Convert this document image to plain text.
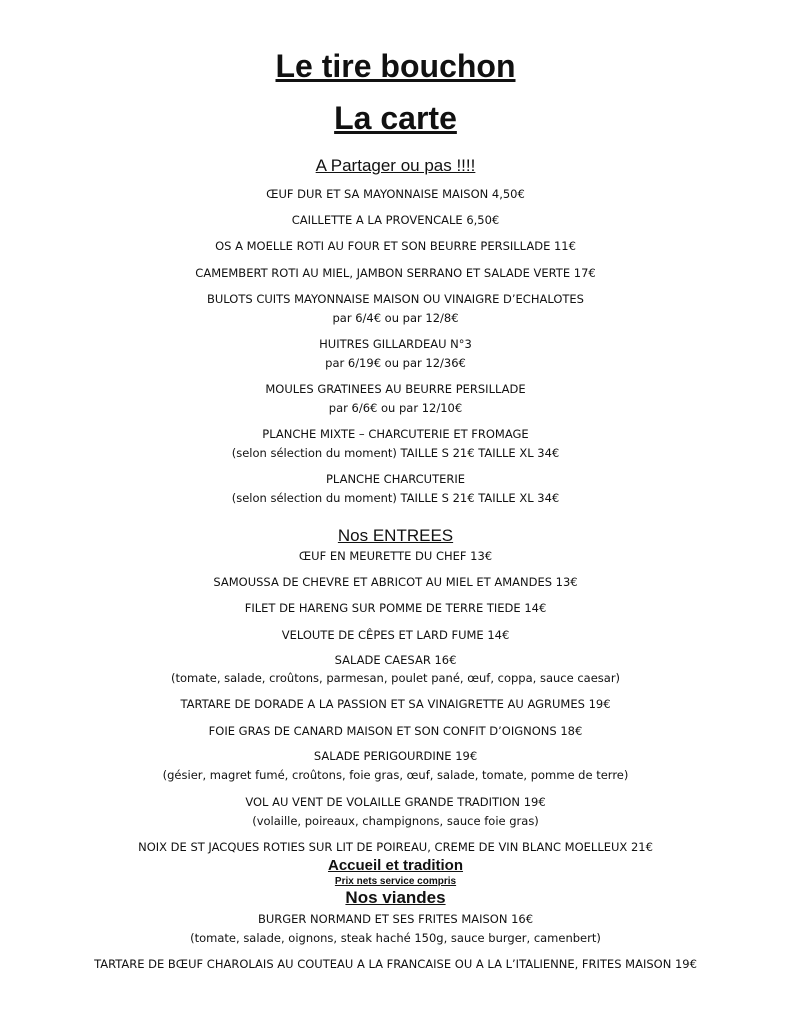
Le tire bouchon
La carte
A Partager ou pas !!!!
ŒUF DUR ET SA MAYONNAISE MAISON 4,50€
CAILLETTE A LA PROVENCALE 6,50€
OS A MOELLE ROTI AU FOUR ET SON BEURRE PERSILLADE 11€
CAMEMBERT ROTI AU MIEL, JAMBON SERRANO ET SALADE VERTE 17€
BULOTS CUITS MAYONNAISE MAISON OU VINAIGRE D’ECHALOTES
par 6/4€ ou par 12/8€
HUITRES GILLARDEAU N°3
par 6/19€ ou par 12/36€
MOULES GRATINEES AU BEURRE PERSILLADE
par 6/6€ ou par 12/10€
PLANCHE MIXTE – CHARCUTERIE ET FROMAGE
(selon sélection du moment) TAILLE S 21€ TAILLE XL 34€
PLANCHE CHARCUTERIE
(selon sélection du moment) TAILLE S 21€ TAILLE XL 34€
Nos ENTREES
ŒUF EN MEURETTE DU CHEF 13€
SAMOUSSA DE CHEVRE ET ABRICOT AU MIEL ET AMANDES 13€
FILET DE HARENG SUR POMME DE TERRE TIEDE 14€
VELOUTE DE CÊPES ET LARD FUME 14€
SALADE CAESAR 16€
(tomate, salade, croûtons, parmesan, poulet pané, œuf, coppa, sauce caesar)
TARTARE DE DORADE A LA PASSION ET SA VINAIGRETTE AU AGRUMES 19€
FOIE GRAS DE CANARD MAISON ET SON CONFIT D’OIGNONS 18€
SALADE PERIGOURDINE 19€
(gésier, magret fumé, croûtons, foie gras, œuf, salade, tomate, pomme de terre)
VOL AU VENT DE VOLAILLE GRANDE TRADITION 19€
(volaille, poireaux, champignons, sauce foie gras)
NOIX DE ST JACQUES ROTIES SUR LIT DE POIREAU, CREME DE VIN BLANC MOELLEUX 21€
Accueil et tradition
Prix nets service compris
Nos viandes
BURGER NORMAND ET SES FRITES MAISON 16€
(tomate, salade, oignons, steak haché 150g, sauce burger, camenbert)
TARTARE DE BŒUF CHAROLAIS AU COUTEAU A LA FRANCAISE OU A LA L’ITALIENNE, FRITES MAISON 19€
